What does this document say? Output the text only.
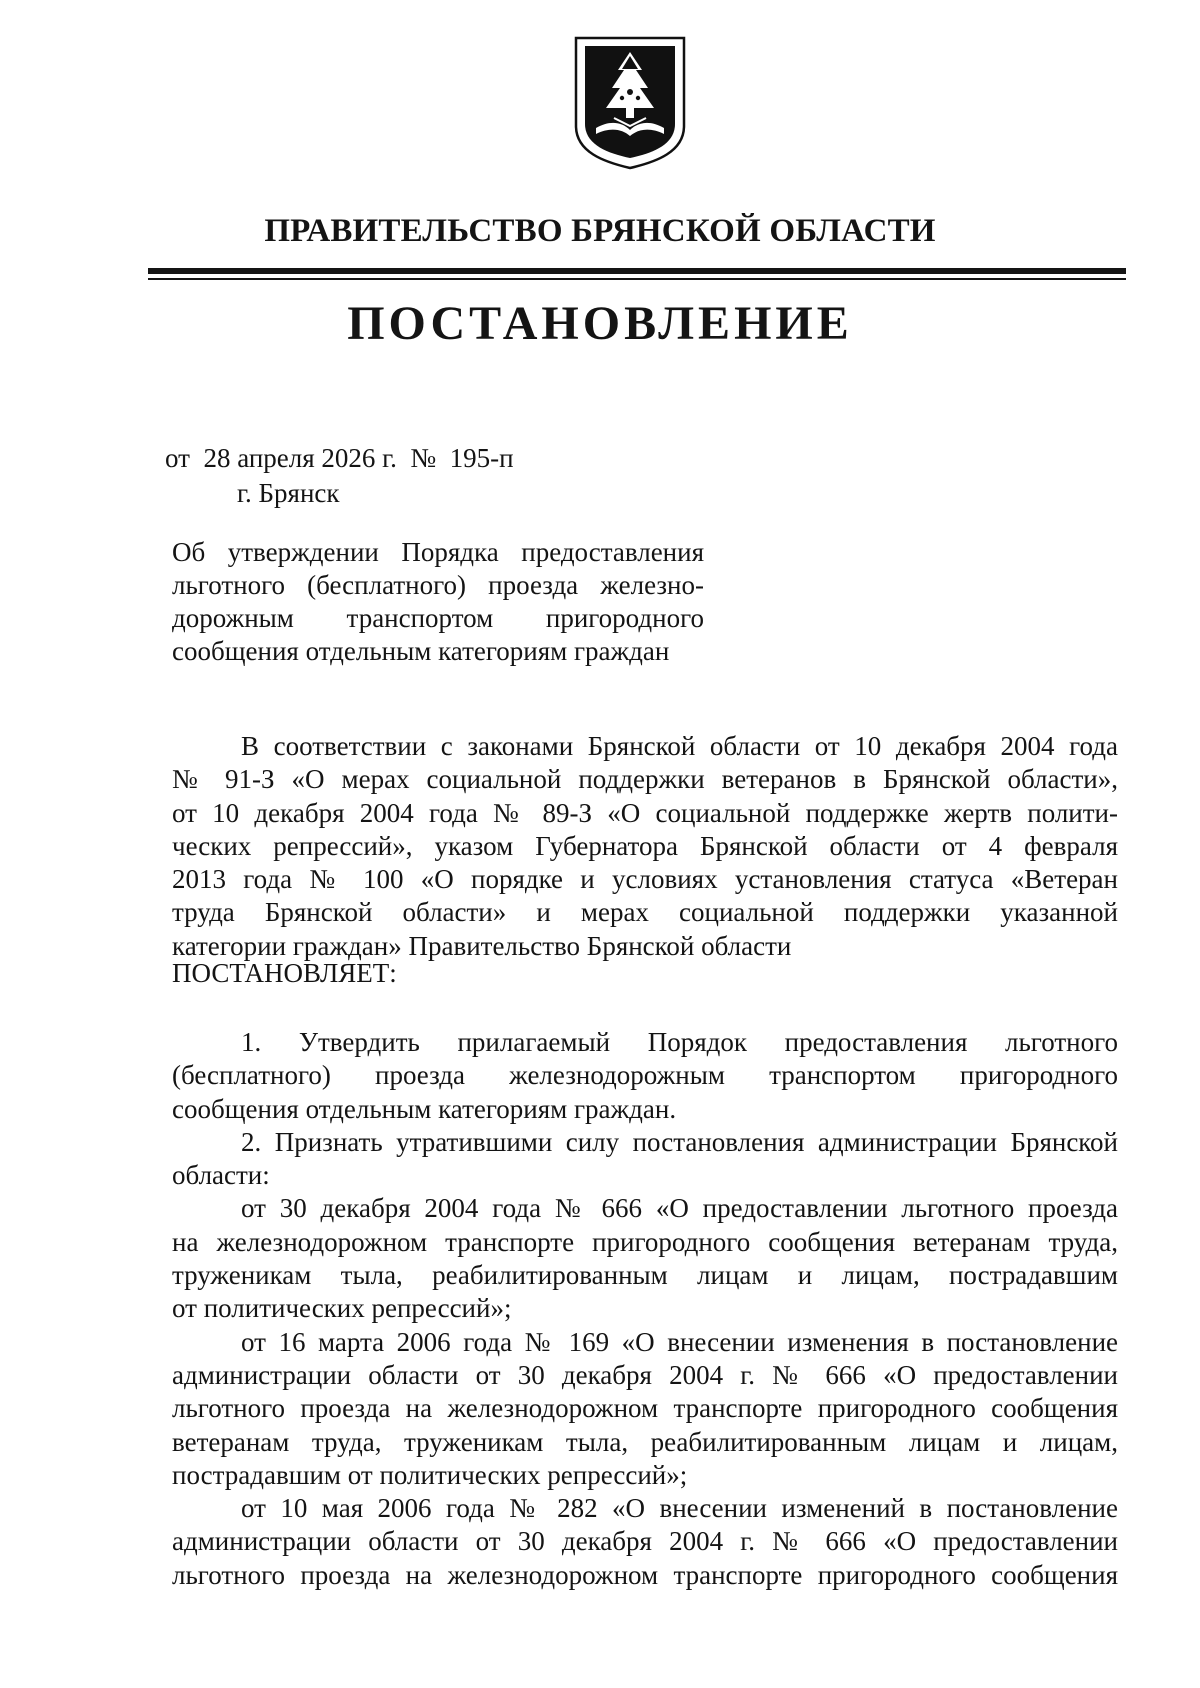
ПРАВИТЕЛЬСТВО БРЯНСКОЙ ОБЛАСТИ
ПОСТАНОВЛЕНИЕ
от  28 апреля 2026 г.  №  195-п
г. Брянск
Об утверждении Порядка предоставления
льготного (бесплатного) проезда железно-
дорожным транспортом пригородного
сообщения отдельным категориям граждан
В соответствии с законами Брянской области от 10 декабря 2004 года
№ 91-З «О мерах социальной поддержки ветеранов в Брянской области»,
от 10 декабря 2004 года № 89-З «О социальной поддержке жертв полити-
ческих репрессий», указом Губернатора Брянской области от 4 февраля
2013 года № 100 «О порядке и условиях установления статуса «Ветеран
труда Брянской области» и мерах социальной поддержки указанной
категории граждан» Правительство Брянской области
ПОСТАНОВЛЯЕТ:
1. Утвердить прилагаемый Порядок предоставления льготного
(бесплатного) проезда железнодорожным транспортом пригородного
сообщения отдельным категориям граждан.
2. Признать утратившими силу постановления администрации Брянской
области:
от 30 декабря 2004 года № 666 «О предоставлении льготного проезда
на железнодорожном транспорте пригородного сообщения ветеранам труда,
труженикам тыла, реабилитированным лицам и лицам, пострадавшим
от политических репрессий»;
от 16 марта 2006 года № 169 «О внесении изменения в постановление
администрации области от 30 декабря 2004 г. № 666 «О предоставлении
льготного проезда на железнодорожном транспорте пригородного сообщения
ветеранам труда, труженикам тыла, реабилитированным лицам и лицам,
пострадавшим от политических репрессий»;
от 10 мая 2006 года № 282 «О внесении изменений в постановление
администрации области от 30 декабря 2004 г. № 666 «О предоставлении
льготного проезда на железнодорожном транспорте пригородного сообщения
